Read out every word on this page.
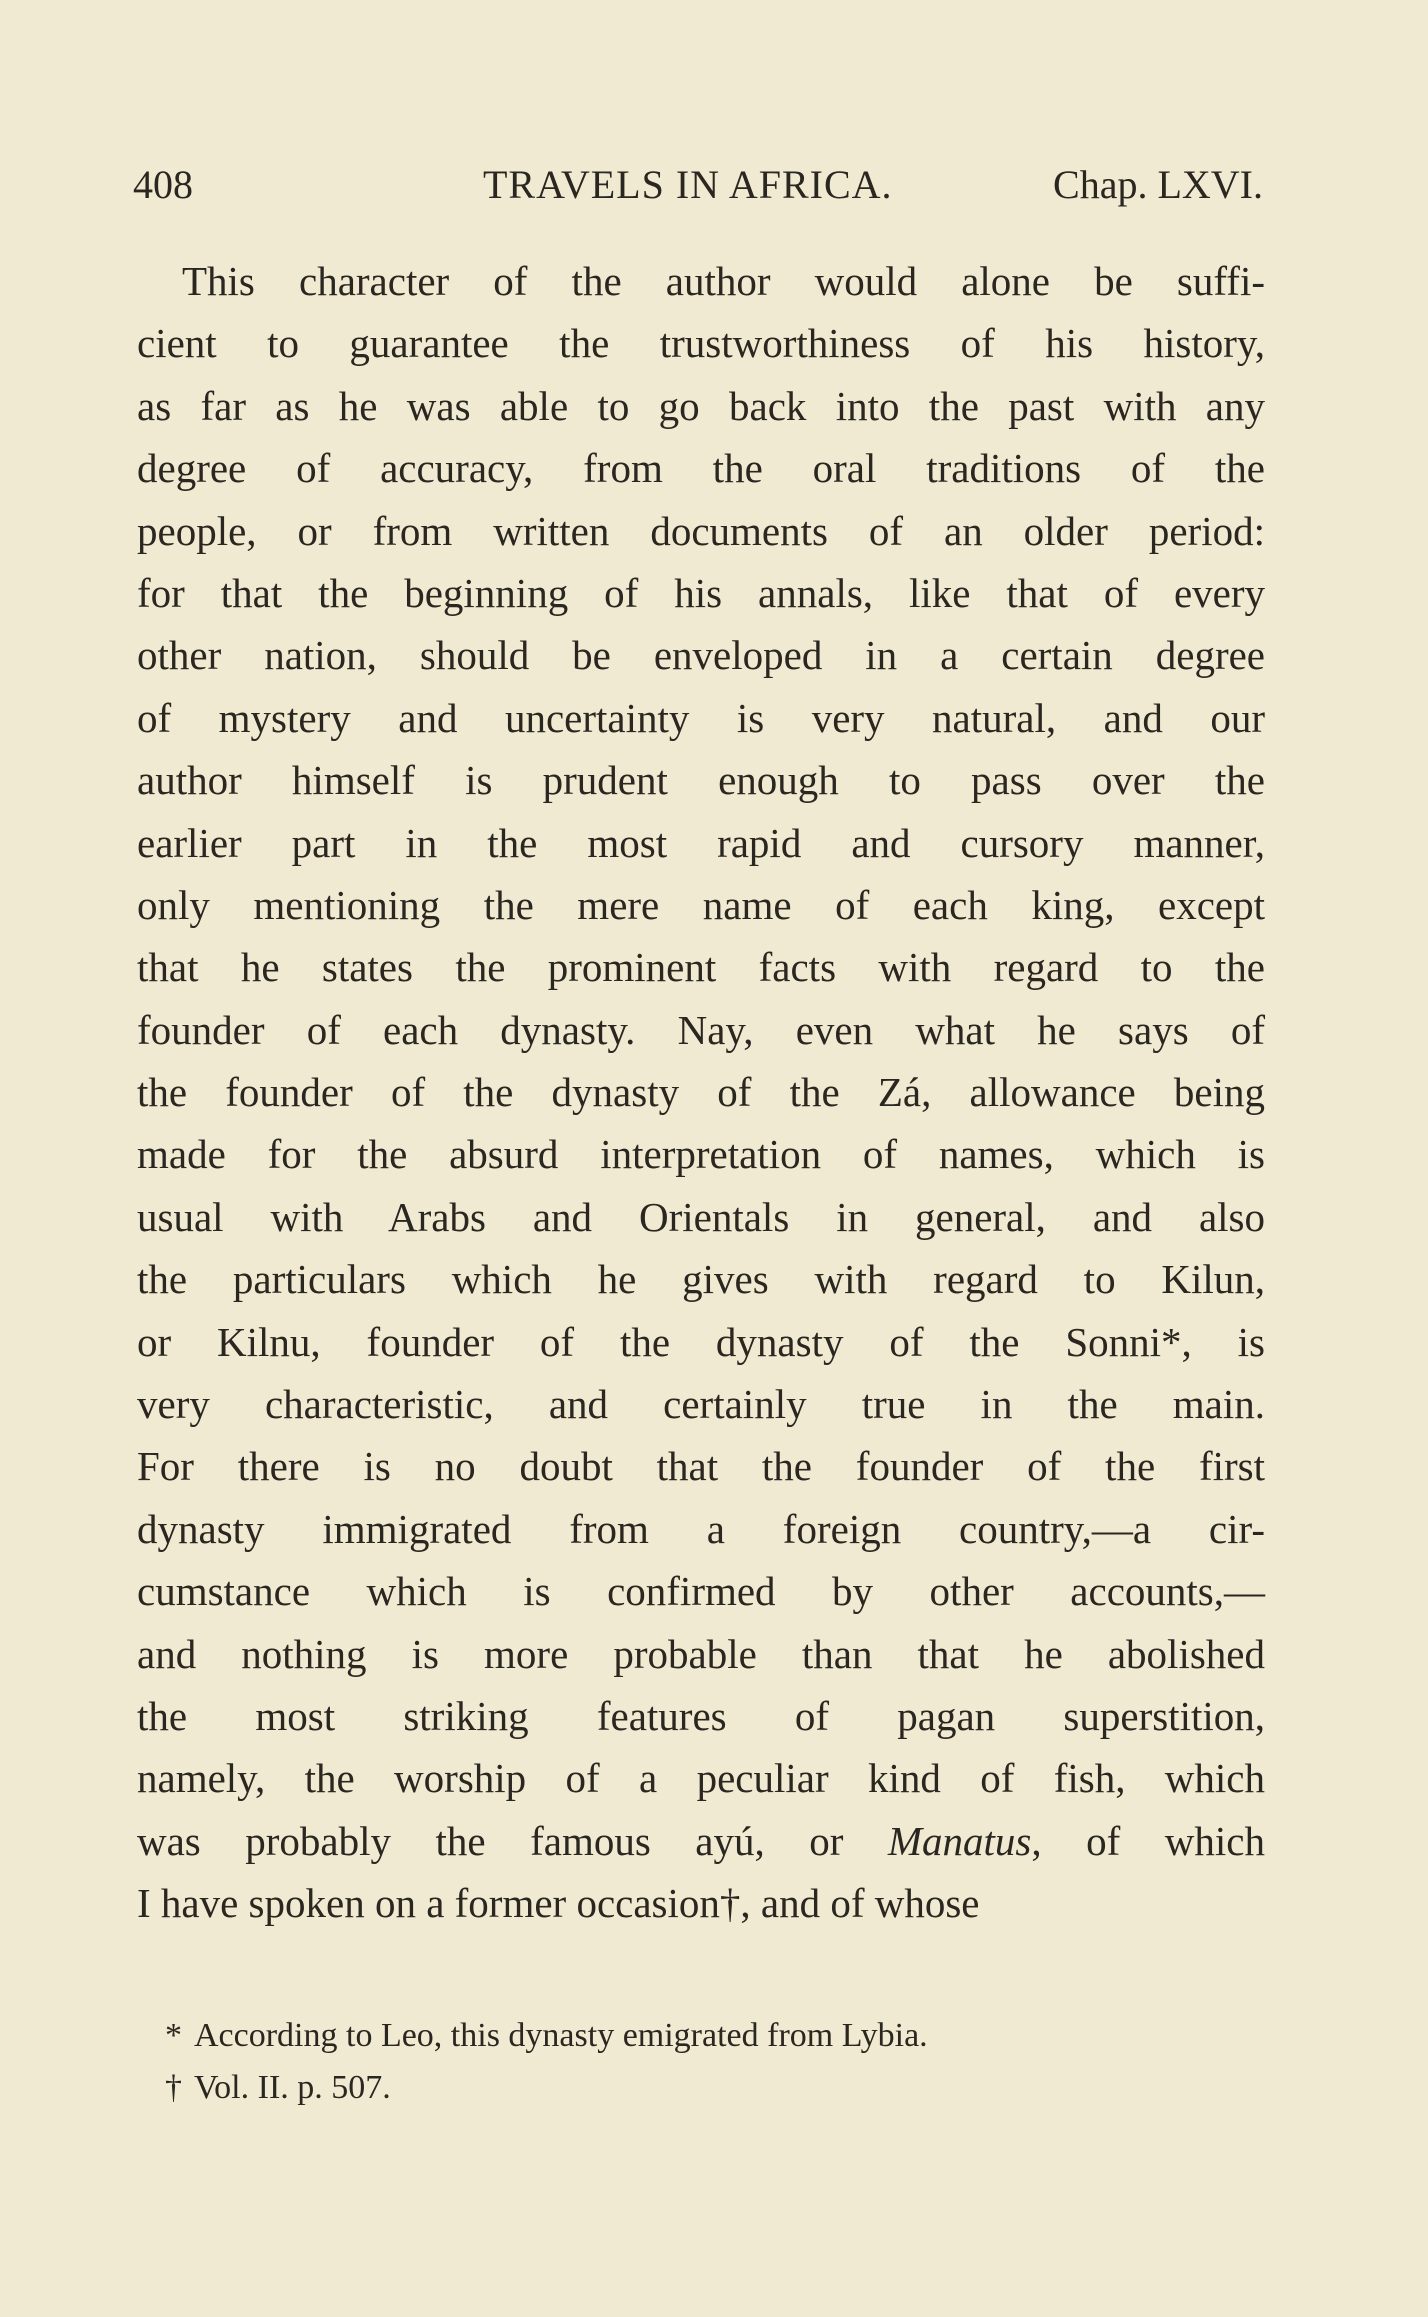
408	TRAVELS IN AFRICA.	Chap. LXVI.
This character of the author would alone be suffi-
cient to guarantee the trustworthiness of his history,
as far as he was able to go back into the past with any
degree of accuracy, from the oral traditions of the
people, or from written documents of an older period:
for that the beginning of his annals, like that of every
other nation, should be enveloped in a certain degree
of mystery and uncertainty is very natural, and our
author himself is prudent enough to pass over the
earlier part in the most rapid and cursory manner,
only mentioning the mere name of each king, except
that he states the prominent facts with regard to the
founder of each dynasty. Nay, even what he says of
the founder of the dynasty of the Zá, allowance being
made for the absurd interpretation of names, which is
usual with Arabs and Orientals in general, and also
the particulars which he gives with regard to Kilun,
or Kilnu, founder of the dynasty of the Sonni*, is
very characteristic, and certainly true in the main.
For there is no doubt that the founder of the first
dynasty immigrated from a foreign country,—a cir-
cumstance which is confirmed by other accounts,—
and nothing is more probable than that he abolished
the most striking features of pagan superstition,
namely, the worship of a peculiar kind of fish, which
was probably the famous ayú, or Manatus, of which
I have spoken on a former occasion†, and of whose
* According to Leo, this dynasty emigrated from Lybia.
† Vol. II. p. 507.
